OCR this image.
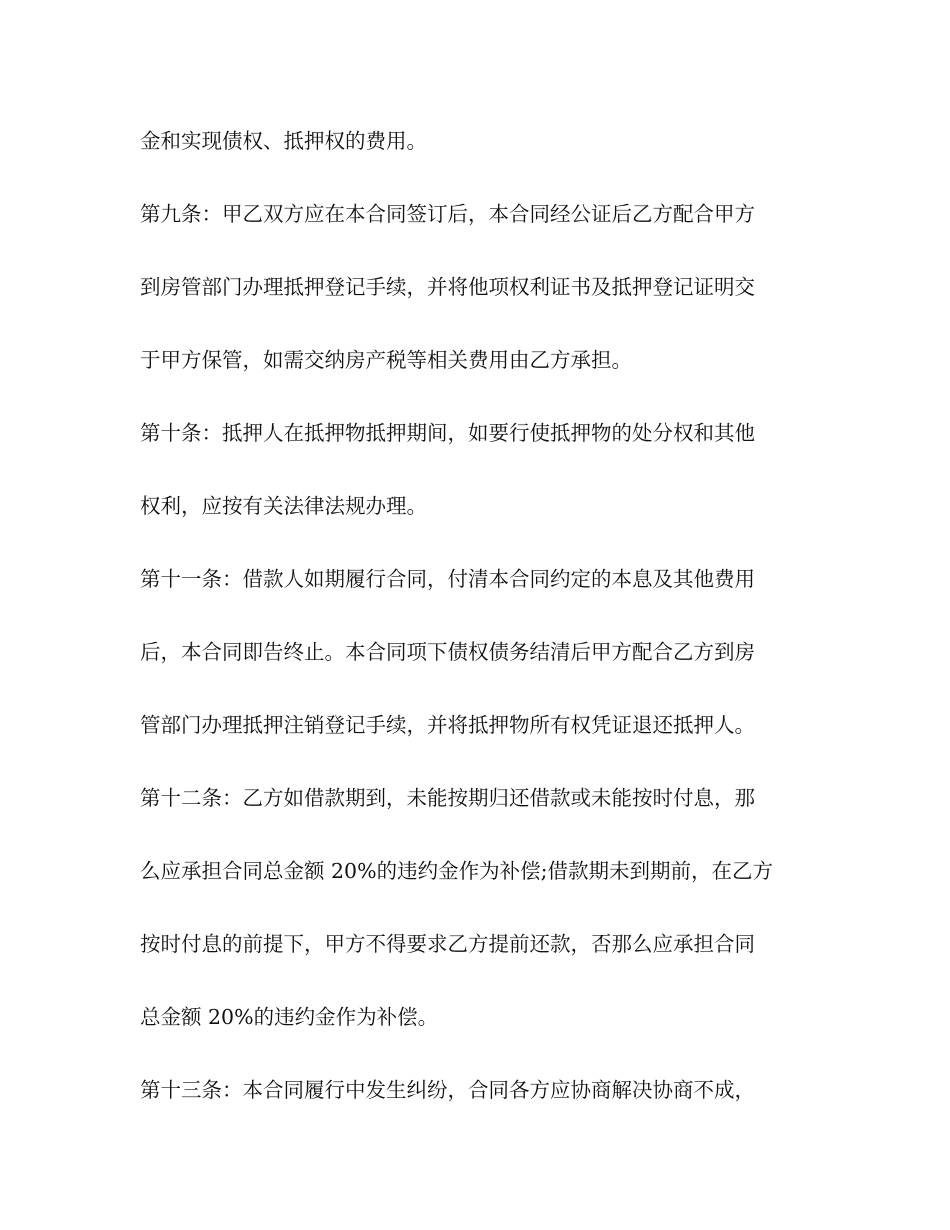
金和实现债权、抵押权的费用。

第九条：甲乙双方应在本合同签订后，本合同经公证后乙方配合甲方

到房管部门办理抵押登记手续，并将他项权利证书及抵押登记证明交

于甲方保管，如需交纳房产税等相关费用由乙方承担。

第十条：抵押人在抵押物抵押期间，如要行使抵押物的处分权和其他

权利，应按有关法律法规办理。

第十一条：借款人如期履行合同，付清本合同约定的本息及其他费用

后，本合同即告终止。本合同项下债权债务结清后甲方配合乙方到房

管部门办理抵押注销登记手续，并将抵押物所有权凭证退还抵押人。

第十二条：乙方如借款期到，未能按期归还借款或未能按时付息，那

么应承担合同总金额 20%的违约金作为补偿;借款期未到期前，在乙方

按时付息的前提下，甲方不得要求乙方提前还款，否那么应承担合同

总金额 20%的违约金作为补偿。

第十三条：本合同履行中发生纠纷，合同各方应协商解决协商不成，
